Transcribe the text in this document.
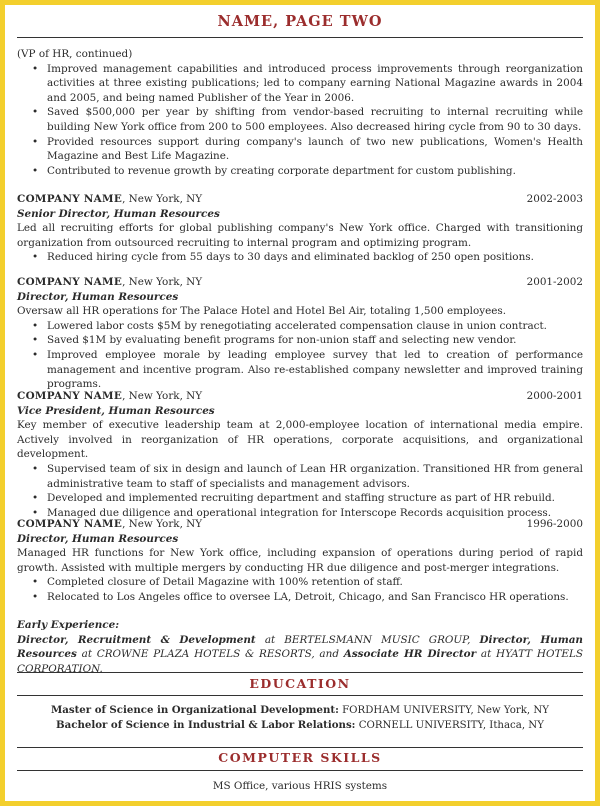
NAME, PAGE TWO
(VP of HR, continued)
• Improved management capabilities and introduced process improvements through reorganization activities at three existing publications; led to company earning National Magazine awards in 2004 and 2005, and being named Publisher of the Year in 2006.
• Saved $500,000 per year by shifting from vendor-based recruiting to internal recruiting while building New York office from 200 to 500 employees. Also decreased hiring cycle from 90 to 30 days.
• Provided resources support during company's launch of two new publications, Women's Health Magazine and Best Life Magazine.
• Contributed to revenue growth by creating corporate department for custom publishing.
COMPANY NAME, New York, NY	2002-2003
Senior Director, Human Resources
Led all recruiting efforts for global publishing company's New York office. Charged with transitioning organization from outsourced recruiting to internal program and optimizing program.
• Reduced hiring cycle from 55 days to 30 days and eliminated backlog of 250 open positions.
COMPANY NAME, New York, NY	2001-2002
Director, Human Resources
Oversaw all HR operations for The Palace Hotel and Hotel Bel Air, totaling 1,500 employees.
• Lowered labor costs $5M by renegotiating accelerated compensation clause in union contract.
• Saved $1M by evaluating benefit programs for non-union staff and selecting new vendor.
• Improved employee morale by leading employee survey that led to creation of performance management and incentive program. Also re-established company newsletter and improved training programs.
COMPANY NAME, New York, NY	2000-2001
Vice President, Human Resources
Key member of executive leadership team at 2,000-employee location of international media empire. Actively involved in reorganization of HR operations, corporate acquisitions, and organizational development.
• Supervised team of six in design and launch of Lean HR organization. Transitioned HR from general administrative team to staff of specialists and management advisors.
• Developed and implemented recruiting department and staffing structure as part of HR rebuild.
• Managed due diligence and operational integration for Interscope Records acquisition process.
COMPANY NAME, New York, NY	1996-2000
Director, Human Resources
Managed HR functions for New York office, including expansion of operations during period of rapid growth. Assisted with multiple mergers by conducting HR due diligence and post-merger integrations.
• Completed closure of Detail Magazine with 100% retention of staff.
• Relocated to Los Angeles office to oversee LA, Detroit, Chicago, and San Francisco HR operations.
Early Experience:
Director, Recruitment & Development at BERTELSMANN MUSIC GROUP, Director, Human Resources at CROWNE PLAZA HOTELS & RESORTS, and Associate HR Director at HYATT HOTELS CORPORATION.
EDUCATION
Master of Science in Organizational Development: FORDHAM UNIVERSITY, New York, NY
Bachelor of Science in Industrial & Labor Relations: CORNELL UNIVERSITY, Ithaca, NY
COMPUTER SKILLS
MS Office, various HRIS systems
